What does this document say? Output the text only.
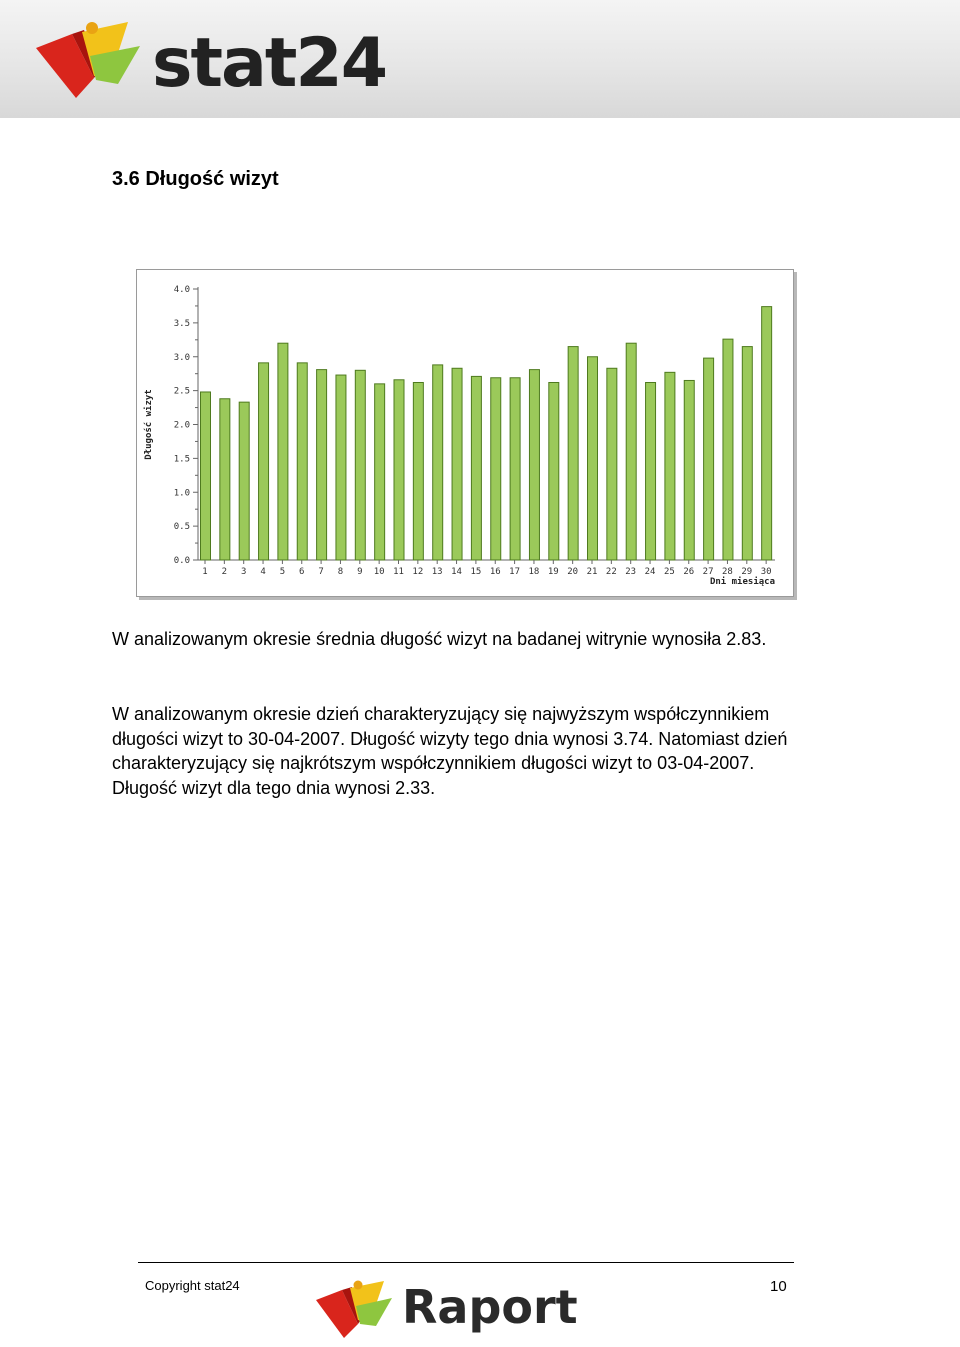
stat24
3.6 Długość wizyt
0.0
0.5
1.0
1.5
2.0
2.5
3.0
3.5
4.0
Długość wizyt
1 2 3 4 5 6 7 8 9 10 11 12 13 14 15 16 17 18 19 20 21 22 23 24 25 26 27 28 29 30
Dni miesiąca
W analizowanym okresie średnia długość wizyt na badanej witrynie wynosiła 2.83.
W analizowanym okresie dzień charakteryzujący się najwyższym współczynnikiem długości wizyt to 30-04-2007. Długość wizyty tego dnia wynosi 3.74. Natomiast dzień charakteryzujący się najkrótszym współczynnikiem długości wizyt to 03-04-2007. Długość wizyt dla tego dnia wynosi 2.33.
Copyright stat24	Raport	10
